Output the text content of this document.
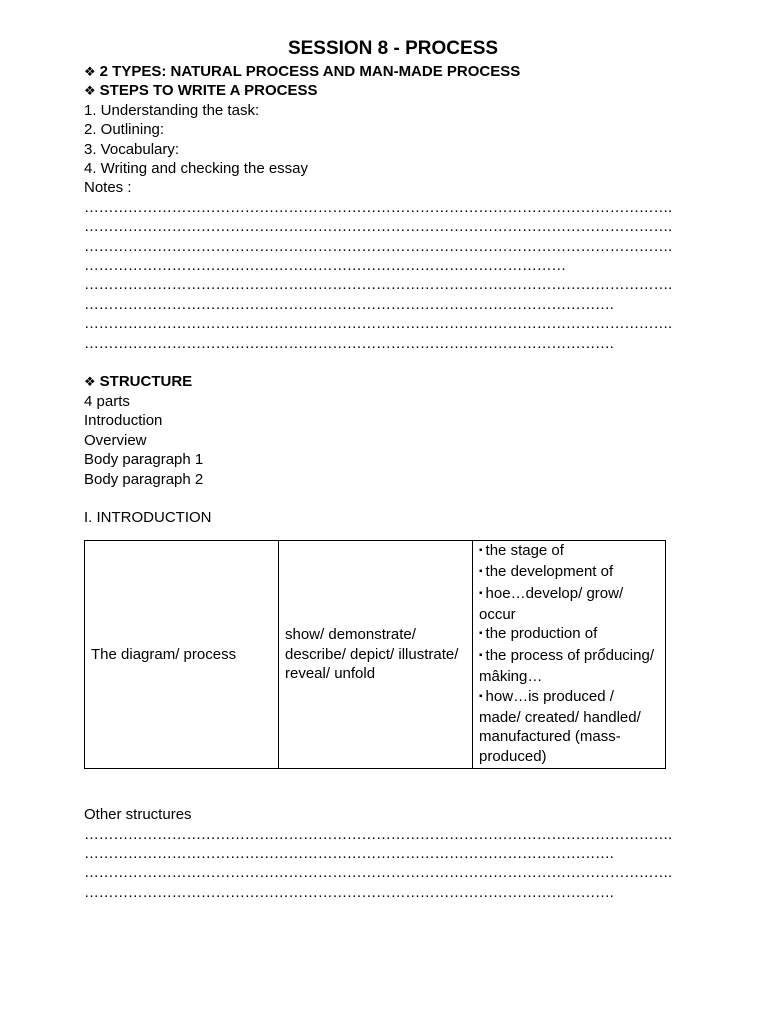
SESSION 8 - PROCESS
❖ 2 TYPES: NATURAL PROCESS AND MAN-MADE PROCESS
❖ STEPS TO WRITE A PROCESS
1. Understanding the task:
2. Outlining:
3. Vocabulary:
4. Writing and checking the essay
Notes :
………………………………………………………………………………………………………….
………………………………………………………………………………………………………….
………………………………………………………………………………………………………….
………………………………………………………………………………………
………………………………………………………………………………………………………….
……………………………………………………………………………………………….
………………………………………………………………………………………………………….
……………………………………………………………………………………………….
❖ STRUCTURE
4 parts
Introduction
Overview
Body paragraph 1
Body paragraph 2
I. INTRODUCTION
The diagram/ process	show/ demonstrate/ describe/ depict/ illustrate/ reveal/ unfold	
▪ the stage of
▪ the development of
▪ hoe…develop/ grow/ occur
▪ the production of
▪ the process of prổducing/ mâking…
▪ how…is produced / made/ created/ handled/ manufactured (mass-produced)
Other structures
………………………………………………………………………………………………………….
……………………………………………………………………………………………….
………………………………………………………………………………………………………….
……………………………………………………………………………………………….
